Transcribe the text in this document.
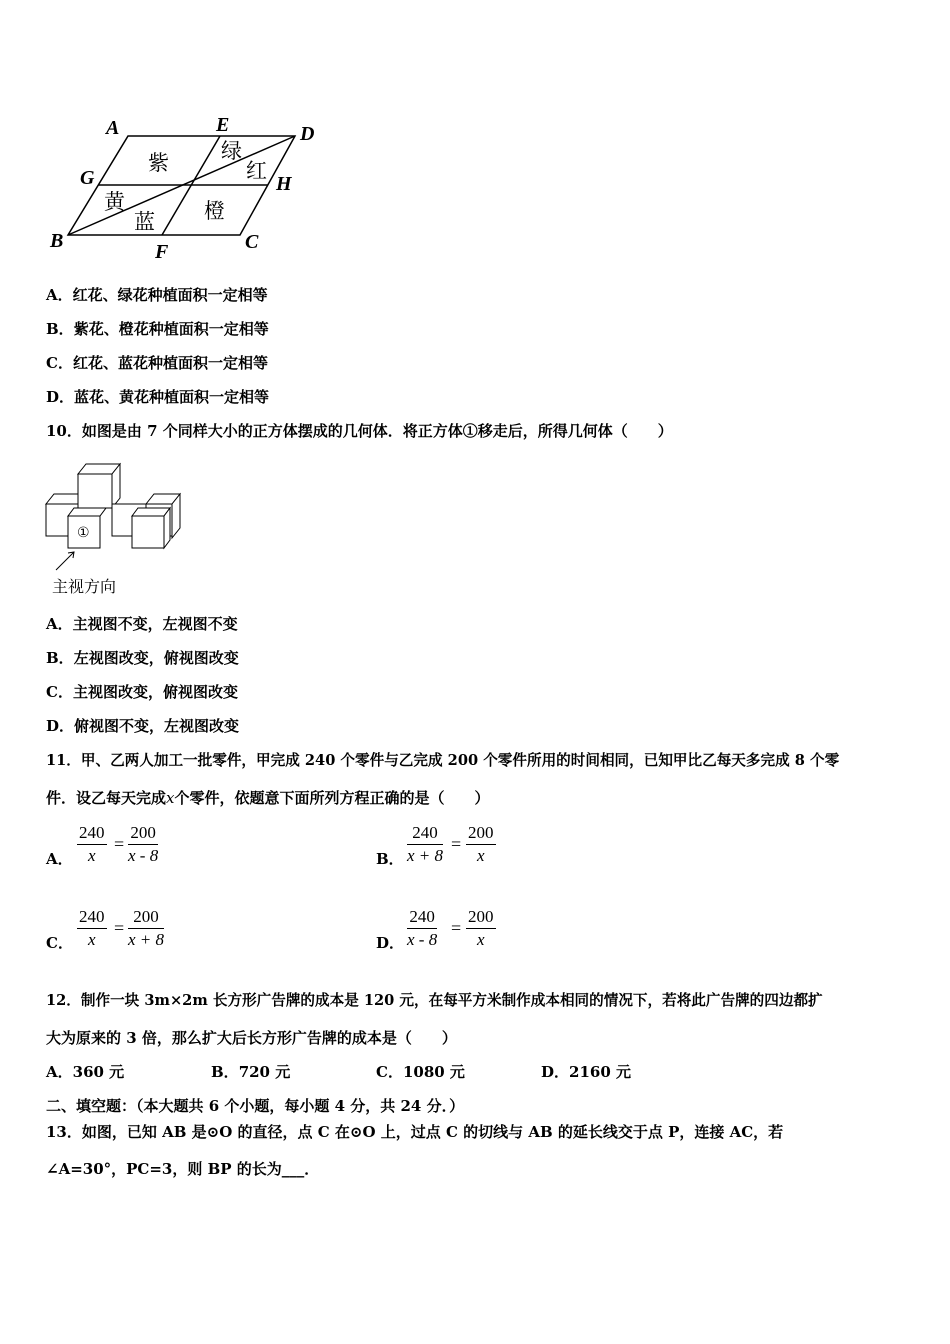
A	E	D
G	H
B	F	C
紫 绿
红
黄
蓝 橙
A．红花、绿花种植面积一定相等
B．紫花、橙花种植面积一定相等
C．红花、蓝花种植面积一定相等
D．蓝花、黄花种植面积一定相等
10．如图是由 7 个同样大小的正方体摆成的几何体．将正方体①移走后，所得几何体（　　）
①
主视方向
A．主视图不变，左视图不变
B．左视图改变，俯视图改变
C．主视图改变，俯视图改变
D．俯视图不变，左视图改变
11．甲、乙两人加工一批零件，甲完成 240 个零件与乙完成 200 个零件所用的时间相同，已知甲比乙每天多完成 8 个零
件．设乙每天完成x个零件，依题意下面所列方程正确的是（　　）
A． $\frac{240}{x} = \frac{200}{x - 8}$	B． $\frac{240}{x + 8} = \frac{200}{x}$
C． $\frac{240}{x} = \frac{200}{x + 8}$	D． $\frac{240}{x - 8} = \frac{200}{x}$
12．制作一块 3m×2m 长方形广告牌的成本是 120 元，在每平方米制作成本相同的情况下，若将此广告牌的四边都扩
大为原来的 3 倍，那么扩大后长方形广告牌的成本是（　　）
A．360 元	B．720 元	C．1080 元	D．2160 元
二、填空题：（本大题共 6 个小题，每小题 4 分，共 24 分．）
13．如图，已知 AB 是⊙O 的直径，点 C 在⊙O 上，过点 C 的切线与 AB 的延长线交于点 P，连接 AC，若
∠A=30°，PC=3，则 BP 的长为___．
